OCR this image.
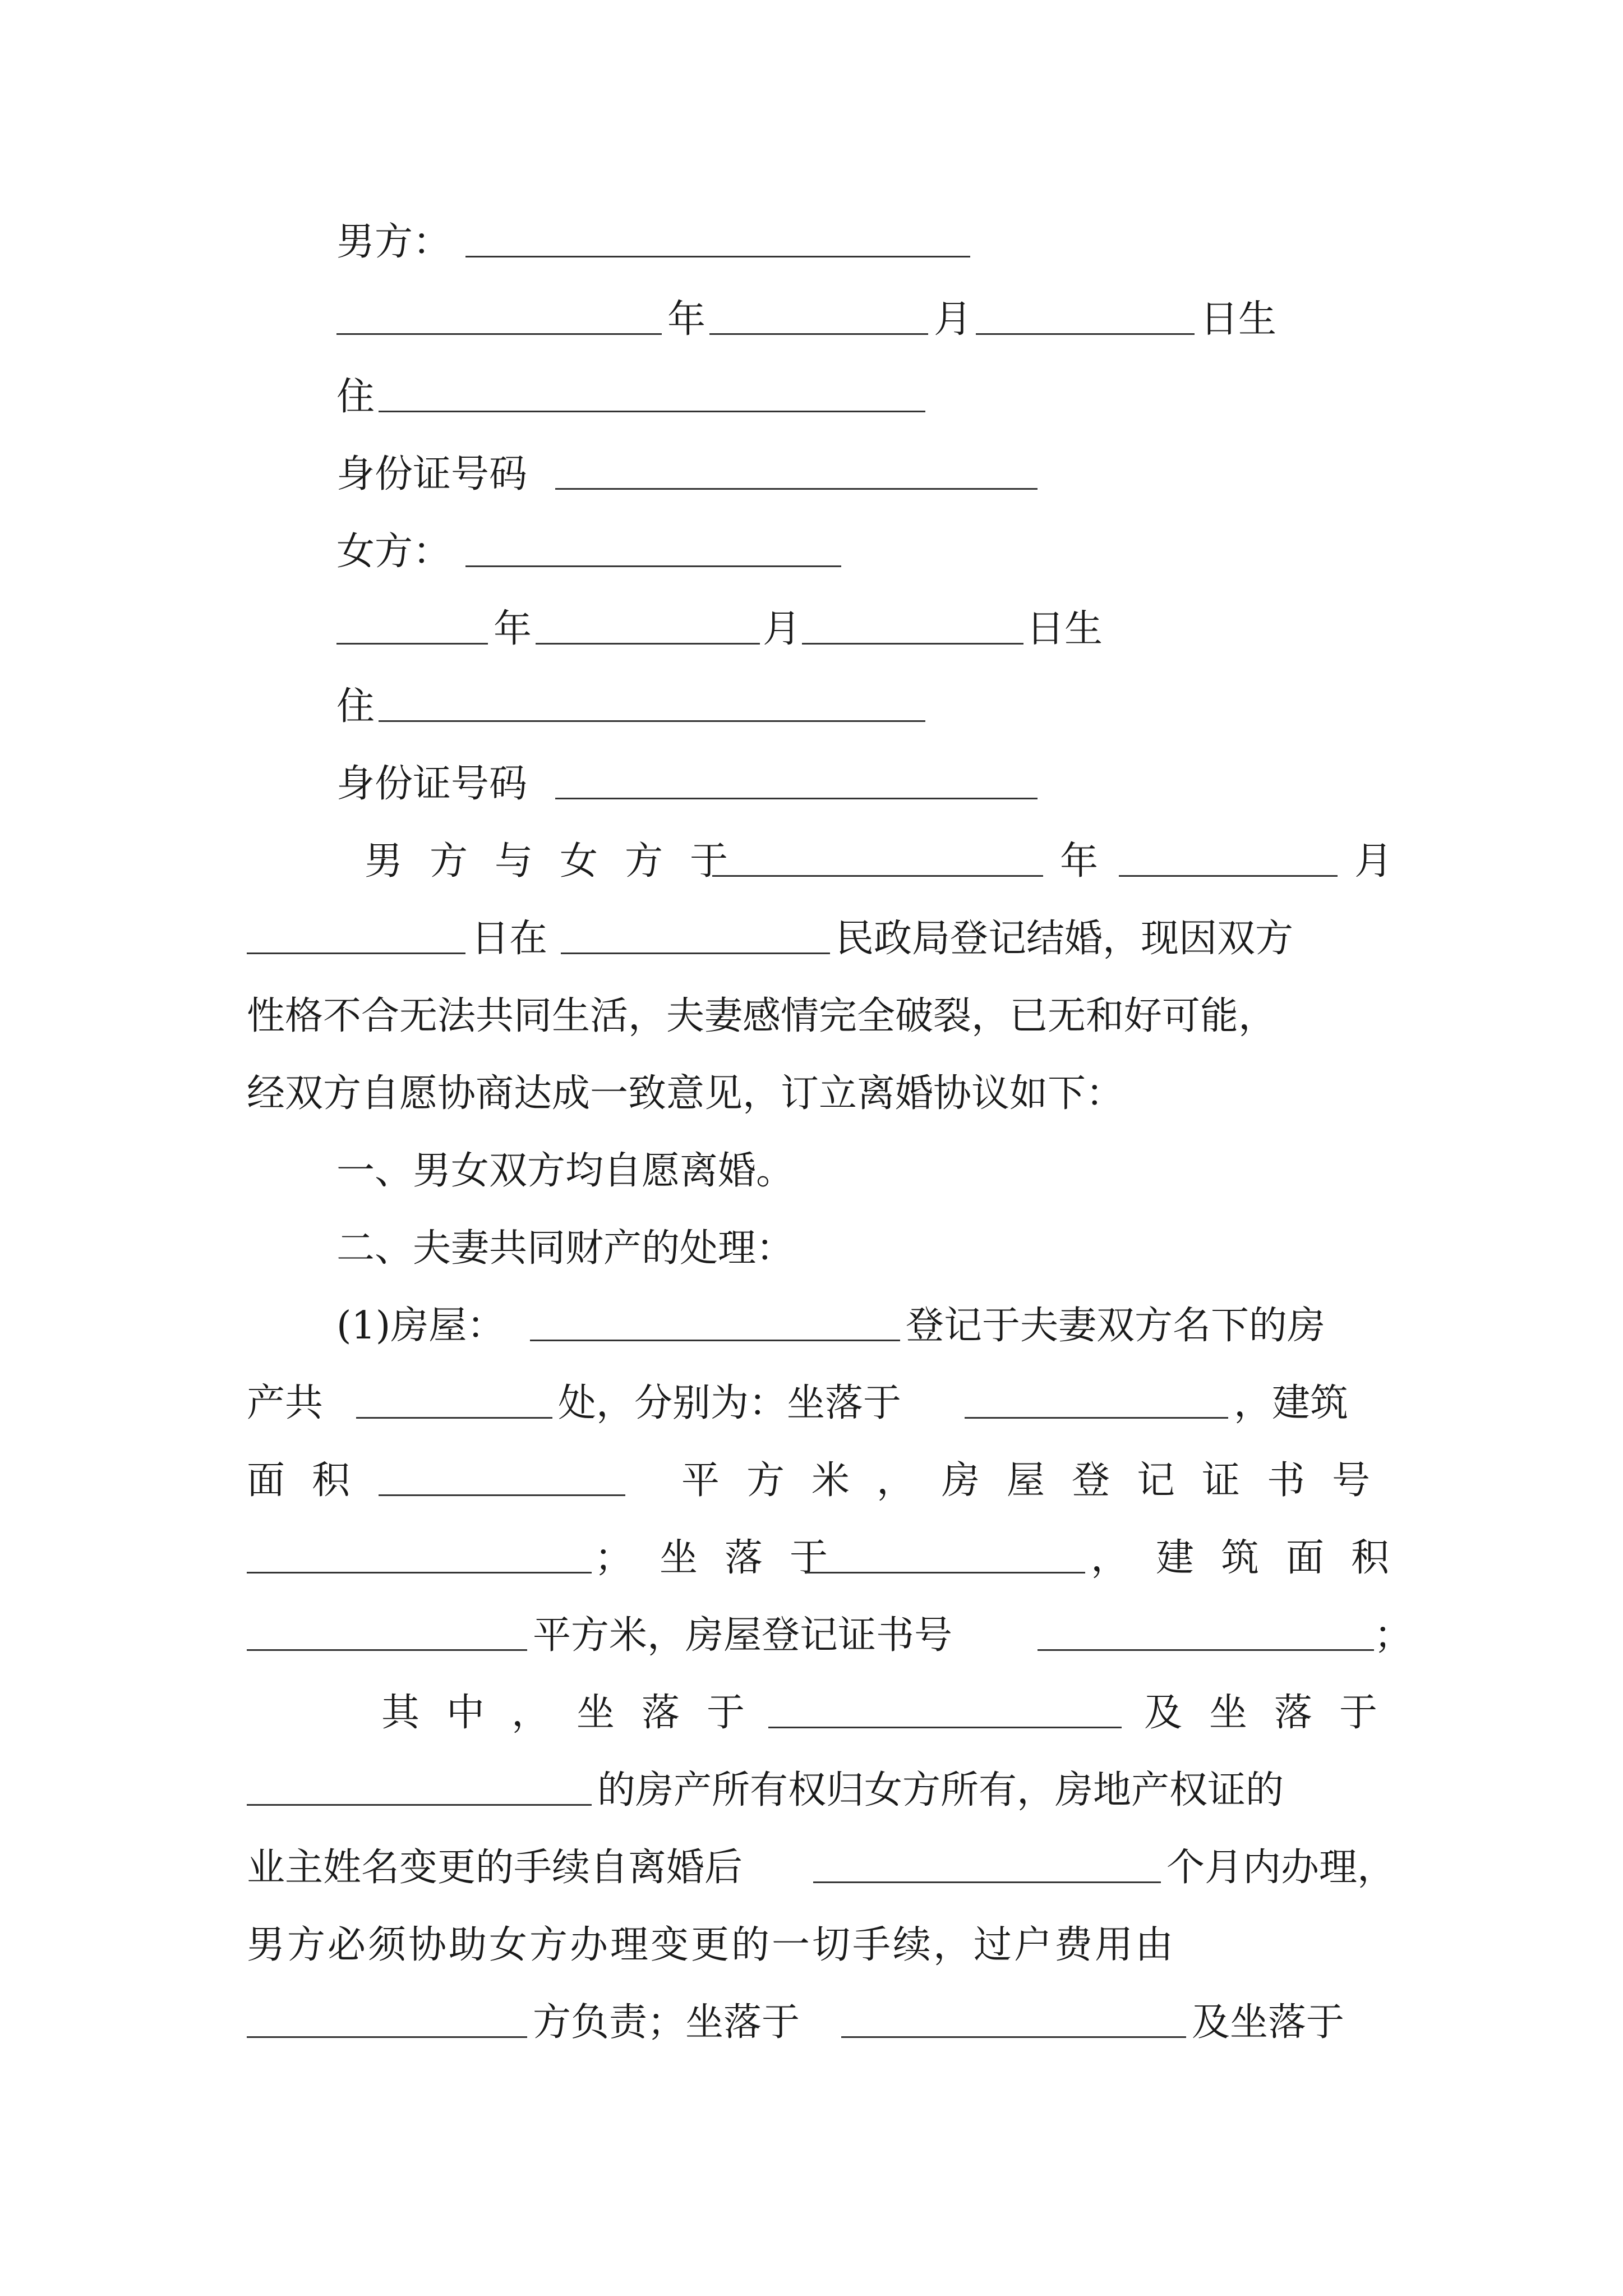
男方：
年	月	日生
住
身份证号码
女方：
年	月	日生
住
身份证号码
男方与女方于	年	月
日在	民政局登记结婚，现因双方
性格不合无法共同生活，夫妻感情完全破裂，已无和好可能，
经双方自愿协商达成一致意见，订立离婚协议如下：
一、男女双方均自愿离婚。
二、夫妻共同财产的处理：
(1)房屋：	登记于夫妻双方名下的房
产共	处，分别为：坐落于	，建筑
面积	平方米，房屋登记证书号
；坐落于	，建筑面积
平方米，房屋登记证书号	；
其中，坐落于	及坐落于
的房产所有权归女方所有，房地产权证的
业主姓名变更的手续自离婚后	个月内办理，
男方必须协助女方办理变更的一切手续，过户费用由
方负责；坐落于	及坐落于
